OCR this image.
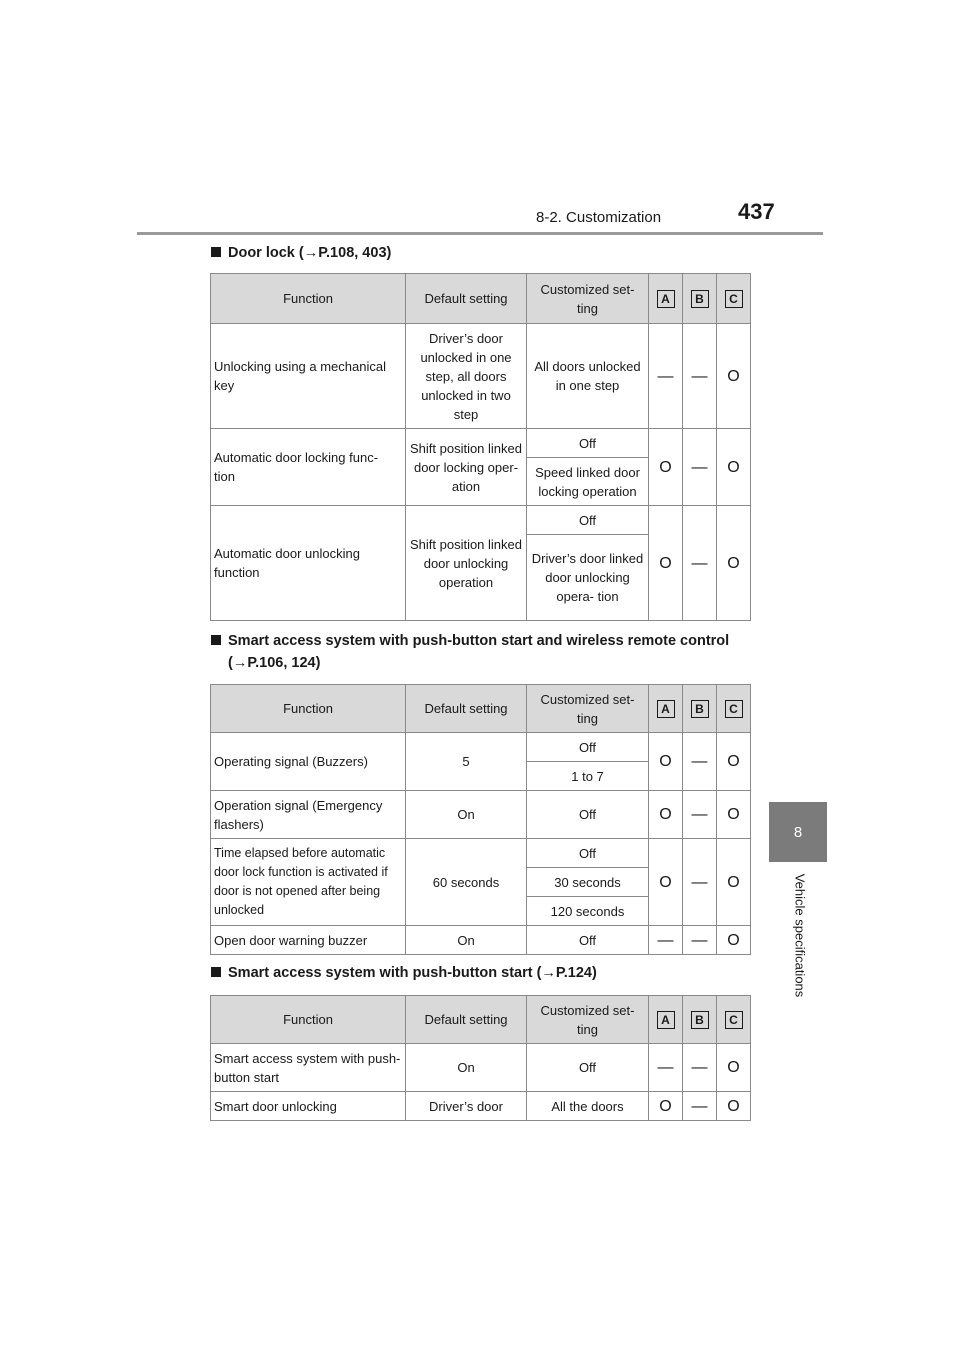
8-2. Customization	437
8
Vehicle specifications
Door lock (→P.108, 403)
Function	Default setting	Customized set- ting	A	B	C
Unlocking using a mechanical key	Driver’s door unlocked in one step, all doors unlocked in two step	All doors unlocked in one step	—	—	O
Automatic door locking func- tion	Shift position linked door locking oper- ation	Off	O	—	O
		Speed linked door locking operation			
Automatic door unlocking function	Shift position linked door unlocking operation	Off	O	—	O
		Driver’s door linked door unlocking opera- tion			
Smart access system with push-button start and wireless remote control
(→P.106, 124)
Function	Default setting	Customized set- ting	A	B	C
Operating signal (Buzzers)	5	Off	O	—	O
		1 to 7			
Operation signal (Emergency flashers)	On	Off	O	—	O
Time elapsed before automatic door lock function is activated if door is not opened after being unlocked	60 seconds	Off	O	—	O
		30 seconds			
		120 seconds			
Open door warning buzzer	On	Off	—	—	O
Smart access system with push-button start (→P.124)
Function	Default setting	Customized set- ting	A	B	C
Smart access system with push- button start	On	Off	—	—	O
Smart door unlocking	Driver’s door	All the doors	O	—	O
